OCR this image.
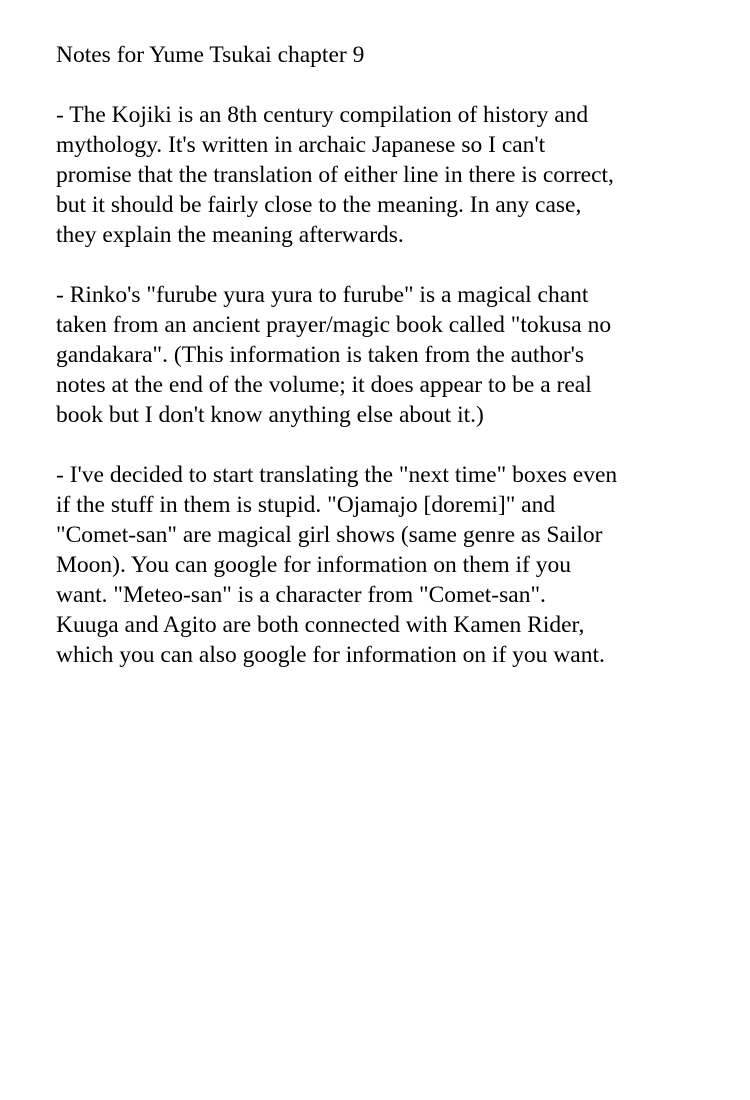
Notes for Yume Tsukai chapter 9

- The Kojiki is an 8th century compilation of history and
mythology. It's written in archaic Japanese so I can't
promise that the translation of either line in there is correct,
but it should be fairly close to the meaning. In any case,
they explain the meaning afterwards.

- Rinko's "furube yura yura to furube" is a magical chant
taken from an ancient prayer/magic book called "tokusa no
gandakara". (This information is taken from the author's
notes at the end of the volume; it does appear to be a real
book but I don't know anything else about it.)

- I've decided to start translating the "next time" boxes even
if the stuff in them is stupid. "Ojamajo [doremi]" and
"Comet-san" are magical girl shows (same genre as Sailor
Moon). You can google for information on them if you
want. "Meteo-san" is a character from "Comet-san".
Kuuga and Agito are both connected with Kamen Rider,
which you can also google for information on if you want.
